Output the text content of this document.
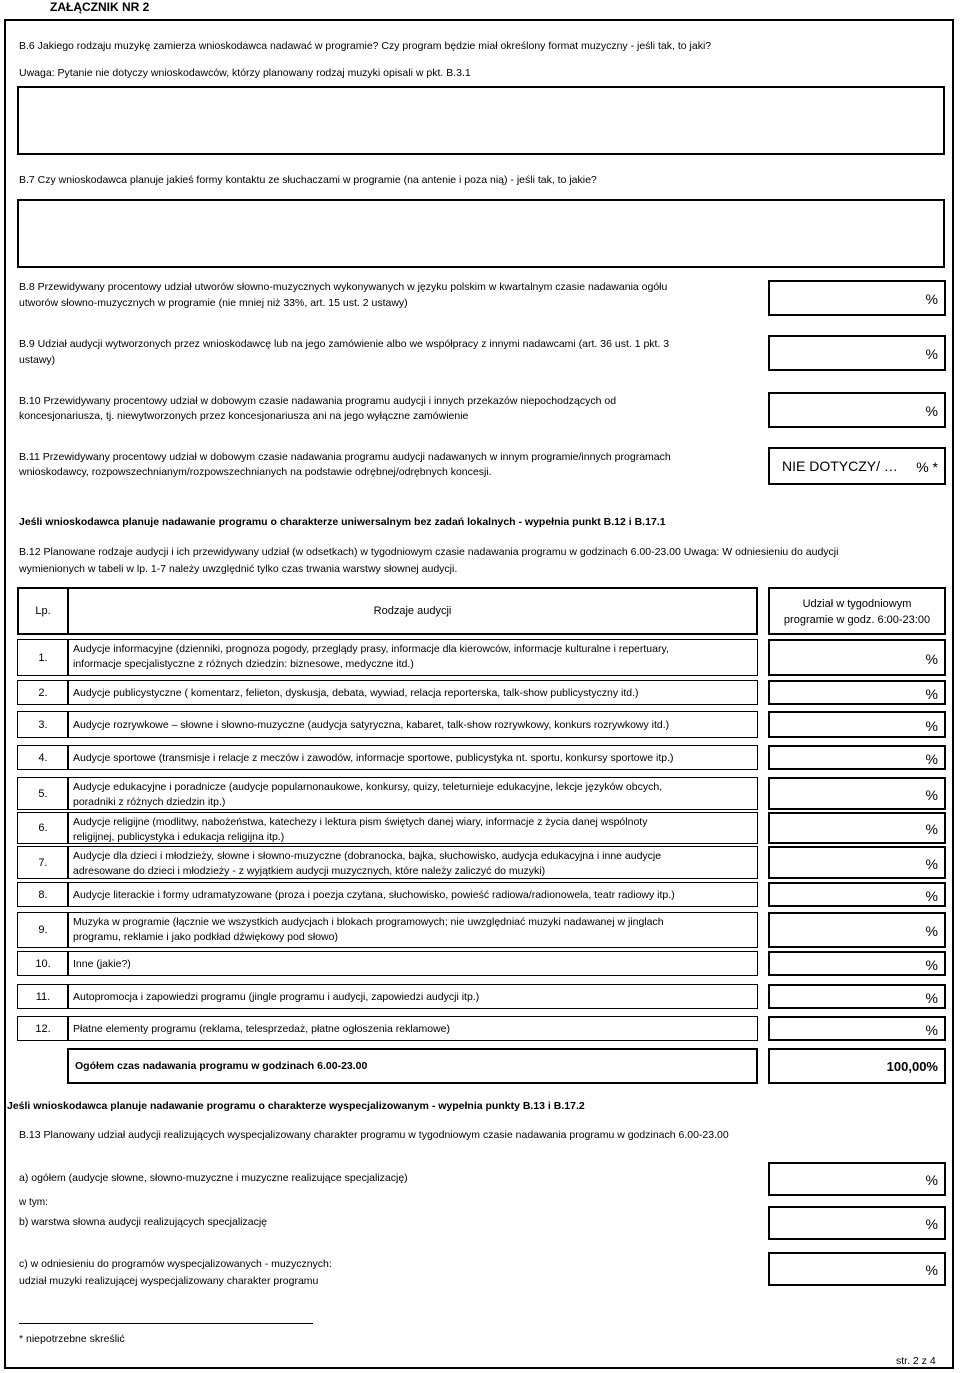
ZAŁĄCZNIK NR 2
B.6 Jakiego rodzaju muzykę zamierza wnioskodawca nadawać w programie? Czy program będzie miał określony format muzyczny - jeśli tak, to jaki?
Uwaga: Pytanie nie dotyczy wnioskodawców, którzy planowany rodzaj muzyki opisali w pkt. B.3.1
B.7 Czy wnioskodawca planuje jakieś formy kontaktu ze słuchaczami w programie (na antenie i poza nią) - jeśli tak, to jakie?
B.8 Przewidywany procentowy udział utworów słowno-muzycznych wykonywanych w języku polskim w kwartalnym czasie nadawania ogółu
utworów słowno-muzycznych w programie (nie mniej niż 33%, art. 15 ust. 2 ustawy)	%
B.9 Udział audycji wytworzonych przez wnioskodawcę lub na jego zamówienie albo we współpracy z innymi nadawcami (art. 36 ust. 1 pkt. 3
ustawy)	%
B.10 Przewidywany procentowy udział w dobowym czasie nadawania programu audycji i innych przekazów niepochodzących od
koncesjonariusza, tj. niewytworzonych przez koncesjonariusza ani na jego wyłączne zamówienie	%
B.11 Przewidywany procentowy udział w dobowym czasie nadawania programu audycji nadawanych w innym programie/innych programach
wnioskodawcy, rozpowszechnianym/rozpowszechnianych na podstawie odrębnej/odrębnych koncesji.	NIE DOTYCZY/ … % *
Jeśli wnioskodawca planuje nadawanie programu o charakterze uniwersalnym bez zadań lokalnych - wypełnia punkt B.12 i B.17.1
B.12 Planowane rodzaje audycji i ich przewidywany udział (w odsetkach) w tygodniowym czasie nadawania programu w godzinach 6.00-23.00 Uwaga: W odniesieniu do audycji
wymienionych w tabeli w lp. 1-7 należy uwzględnić tylko czas trwania warstwy słownej audycji.
Lp.	Rodzaje audycji
Udział w tygodniowym
programie w godz. 6:00-23:00
1.
Audycje informacyjne (dzienniki, prognoza pogody, przeglądy prasy, informacje dla kierowców, informacje kulturalne i repertuary,
informacje specjalistyczne z różnych dziedzin: biznesowe, medyczne itd.)	%
2.	Audycje publicystyczne ( komentarz, felieton, dyskusja, debata, wywiad, relacja reporterska, talk-show publicystyczny itd.)	%
3.	Audycje rozrywkowe – słowne i słowno-muzyczne (audycja satyryczna, kabaret, talk-show rozrywkowy, konkurs rozrywkowy itd.)	%
4.	Audycje sportowe (transmisje i relacje z meczów i zawodów, informacje sportowe, publicystyka nt. sportu, konkursy sportowe itp.)	%
5.
Audycje edukacyjne i poradnicze (audycje popularnonaukowe, konkursy, quizy, teleturnieje edukacyjne, lekcje języków obcych,
poradniki z różnych dziedzin itp.)	%
6.	Audycje religijne (modlitwy, nabożeństwa, katechezy i lektura pism świętych danej wiary, informacje z życia danej wspólnoty
religijnej, publicystyka i edukacja religijna itp.)	%
7.
Audycje dla dzieci i młodzieży, słowne i słowno-muzyczne (dobranocka, bajka, słuchowisko, audycja edukacyjna i inne audycje
adresowane do dzieci i młodzieży - z wyjątkiem audycji muzycznych, które należy zaliczyć do muzyki)	%
8.	Audycje literackie i formy udramatyzowane (proza i poezja czytana, słuchowisko, powieść radiowa/radionowela, teatr radiowy itp.)	%
9.
Muzyka w programie (łącznie we wszystkich audycjach i blokach programowych; nie uwzględniać muzyki nadawanej w jinglach
programu, reklamie i jako podkład dźwiękowy pod słowo)	%
10.	Inne (jakie?)	%
11.	Autopromocja i zapowiedzi programu (jingle programu i audycji, zapowiedzi audycji itp.)	%
12.	Płatne elementy programu (reklama, telesprzedaż, płatne ogłoszenia reklamowe)	%
Ogółem czas nadawania programu w godzinach 6.00-23.00	100,00%
Jeśli wnioskodawca planuje nadawanie programu o charakterze wyspecjalizowanym - wypełnia punkty B.13 i B.17.2
B.13 Planowany udział audycji realizujących wyspecjalizowany charakter programu w tygodniowym czasie nadawania programu w godzinach 6.00-23.00
a) ogółem (audycje słowne, słowno-muzyczne i muzyczne realizujące specjalizację)	%
w tym:
b) warstwa słowna audycji realizujących specjalizację	%
c) w odniesieniu do programów wyspecjalizowanych - muzycznych:
udział muzyki realizującej wyspecjalizowany charakter programu
%
* niepotrzebne skreślić
str. 2 z 4
